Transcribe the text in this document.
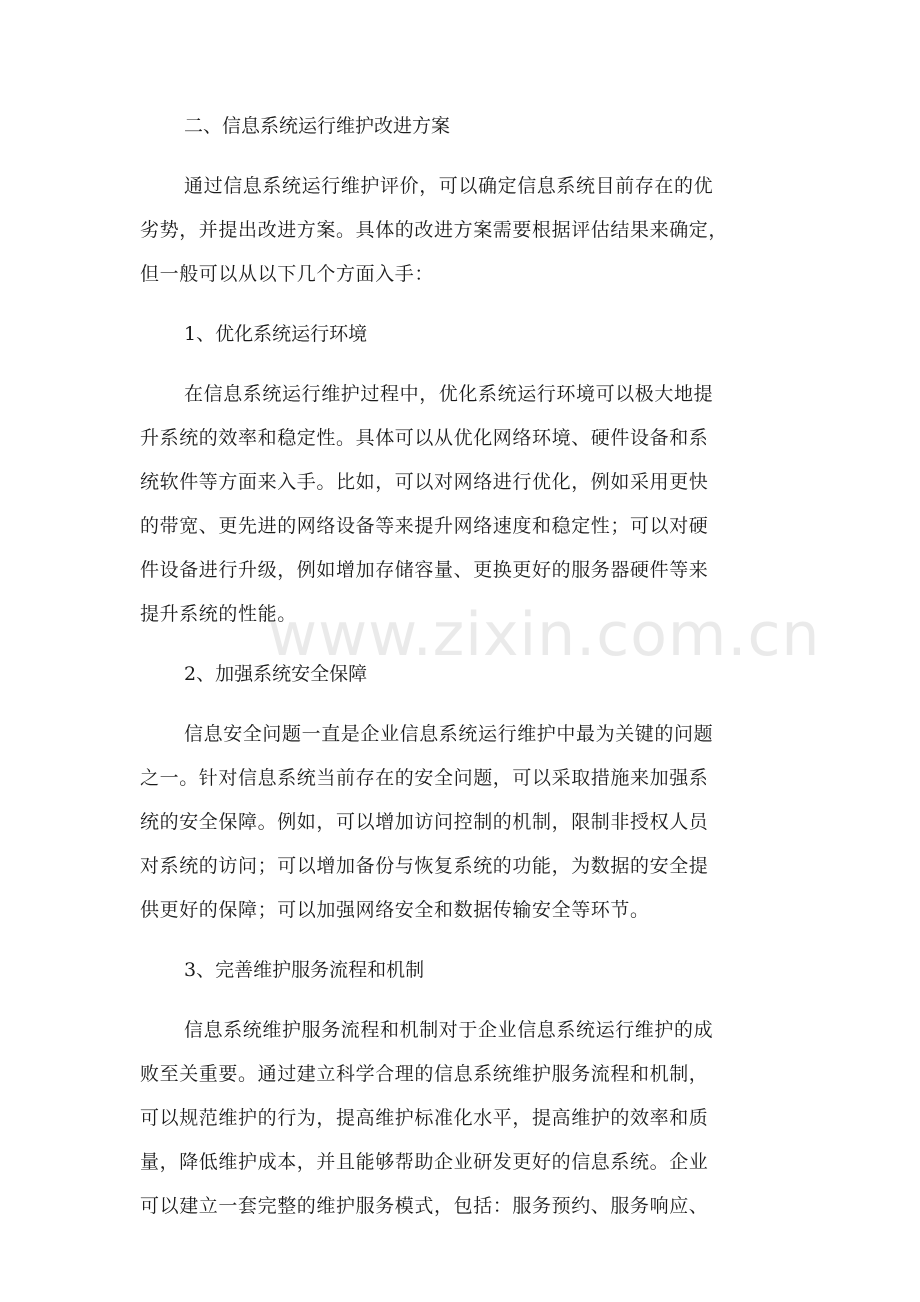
二、信息系统运行维护改进方案
通过信息系统运行维护评价，可以确定信息系统目前存在的优
劣势，并提出改进方案。具体的改进方案需要根据评估结果来确定，
但一般可以从以下几个方面入手：
1、优化系统运行环境
在信息系统运行维护过程中，优化系统运行环境可以极大地提
升系统的效率和稳定性。具体可以从优化网络环境、硬件设备和系
统软件等方面来入手。比如，可以对网络进行优化，例如采用更快
的带宽、更先进的网络设备等来提升网络速度和稳定性；可以对硬
件设备进行升级，例如增加存储容量、更换更好的服务器硬件等来
提升系统的性能。
2、加强系统安全保障
信息安全问题一直是企业信息系统运行维护中最为关键的问题
之一。针对信息系统当前存在的安全问题，可以采取措施来加强系
统的安全保障。例如，可以增加访问控制的机制，限制非授权人员
对系统的访问；可以增加备份与恢复系统的功能，为数据的安全提
供更好的保障；可以加强网络安全和数据传输安全等环节。
3、完善维护服务流程和机制
信息系统维护服务流程和机制对于企业信息系统运行维护的成
败至关重要。通过建立科学合理的信息系统维护服务流程和机制，
可以规范维护的行为，提高维护标准化水平，提高维护的效率和质
量，降低维护成本，并且能够帮助企业研发更好的信息系统。企业
可以建立一套完整的维护服务模式，包括：服务预约、服务响应、
www.zixin.com.cn
